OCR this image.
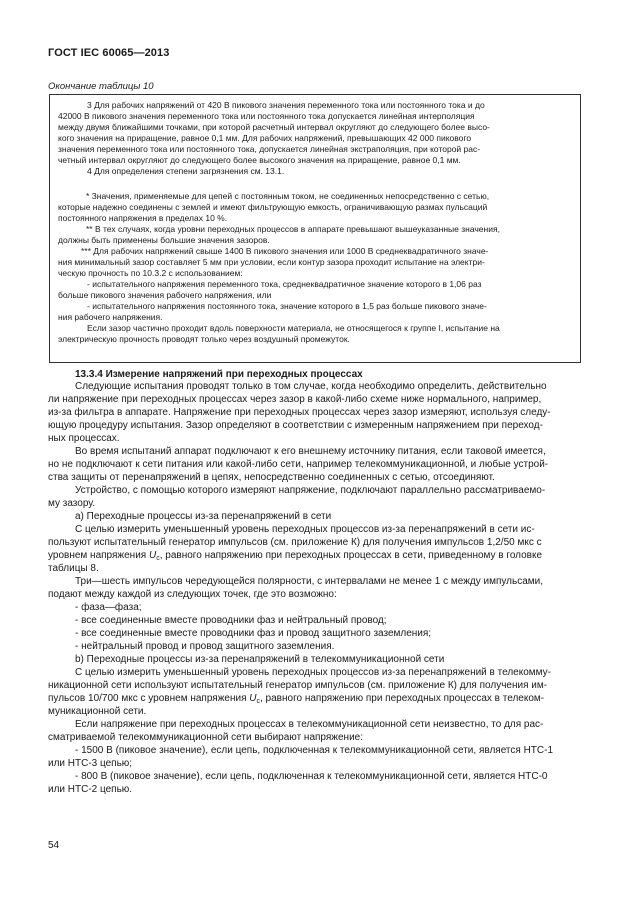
ГОСТ IEC 60065—2013
Окончание таблицы 10
3 Для рабочих напряжений от 420 В пикового значения переменного тока или постоянного тока и до
42000 В пикового значения переменного тока или постоянного тока допускается линейная интерполяция
между двумя ближайшими точками, при которой расчетный интервал округляют до следующего более высо-
кого значения на приращение, равное 0,1 мм. Для рабочих напряжений, превышающих 42 000 пикового
значения переменного тока или постоянного тока, допускается линейная экстраполяция, при которой рас-
четный интервал округляют до следующего более высокого значения на приращение, равное 0,1 мм.
4 Для определения степени загрязнения см. 13.1.
* Значения, применяемые для цепей с постоянным током, не соединенных непосредственно с сетью,
которые надежно соединены с землей и имеют фильтрующую емкость, ограничивающую размах пульсаций
постоянного напряжения в пределах 10 %.
** В тех случаях, когда уровни переходных процессов в аппарате превышают вышеуказанные значения,
должны быть применены большие значения зазоров.
*** Для рабочих напряжений свыше 1400 В пикового значения или 1000 В среднеквадратичного значе-
ния минимальный зазор составляет 5 мм при условии, если контур зазора проходит испытание на электри-
ческую прочность по 10.3.2 с использованием:
- испытательного напряжения переменного тока, среднеквадратичное значение которого в 1,06 раз
больше пикового значения рабочего напряжения, или
- испытательного напряжения постоянного тока, значение которого в 1,5 раз больше пикового значе-
ния рабочего напряжения.
Если зазор частично проходит вдоль поверхности материала, не относящегося к группе I, испытание на
электрическую прочность проводят только через воздушный промежуток.
13.3.4 Измерение напряжений при переходных процессах
Следующие испытания проводят только в том случае, когда необходимо определить, действительно
ли напряжение при переходных процессах через зазор в какой-либо схеме ниже нормального, например,
из-за фильтра в аппарате. Напряжение при переходных процессах через зазор измеряют, используя следу-
ющую процедуру испытания. Зазор определяют в соответствии с измеренным напряжением при переход-
ных процессах.
Во время испытаний аппарат подключают к его внешнему источнику питания, если таковой имеется,
но не подключают к сети питания или какой-либо сети, например телекоммуникационной, и любые устрой-
ства защиты от перенапряжений в цепях, непосредственно соединенных с сетью, отсоединяют.
Устройство, с помощью которого измеряют напряжение, подключают параллельно рассматриваемо-
му зазору.
а) Переходные процессы из-за перенапряжений в сети
С целью измерить уменьшенный уровень переходных процессов из-за перенапряжений в сети ис-
пользуют испытательный генератор импульсов (см. приложение К) для получения импульсов 1,2/50 мкс с
уровнем напряжения $U_c$, равного напряжению при переходных процессах в сети, приведенному в головке
таблицы 8.
Три—шесть импульсов чередующейся полярности, с интервалами не менее 1 с между импульсами,
подают между каждой из следующих точек, где это возможно:
- фаза—фаза;
- все соединенные вместе проводники фаз и нейтральный провод;
- все соединенные вместе проводники фаз и провод защитного заземления;
- нейтральный провод и провод защитного заземления.
b) Переходные процессы из-за перенапряжений в телекоммуникационной сети
С целью измерить уменьшенный уровень переходных процессов из-за перенапряжений в телекомму-
никационной сети используют испытательный генератор импульсов (см. приложение К) для получения им-
пульсов 10/700 мкс с уровнем напряжения $U_c$, равного напряжению при переходных процессах в телеком-
муникационной сети.
Если напряжение при переходных процессах в телекоммуникационной сети неизвестно, то для рас-
сматриваемой телекоммуникационной сети выбирают напряжение:
- 1500 В (пиковое значение), если цепь, подключенная к телекоммуникационной сети, является НТС-1
или НТС-3 цепью;
- 800 В (пиковое значение), если цепь, подключенная к телекоммуникационной сети, является НТС-0
или НТС-2 цепью.
54
